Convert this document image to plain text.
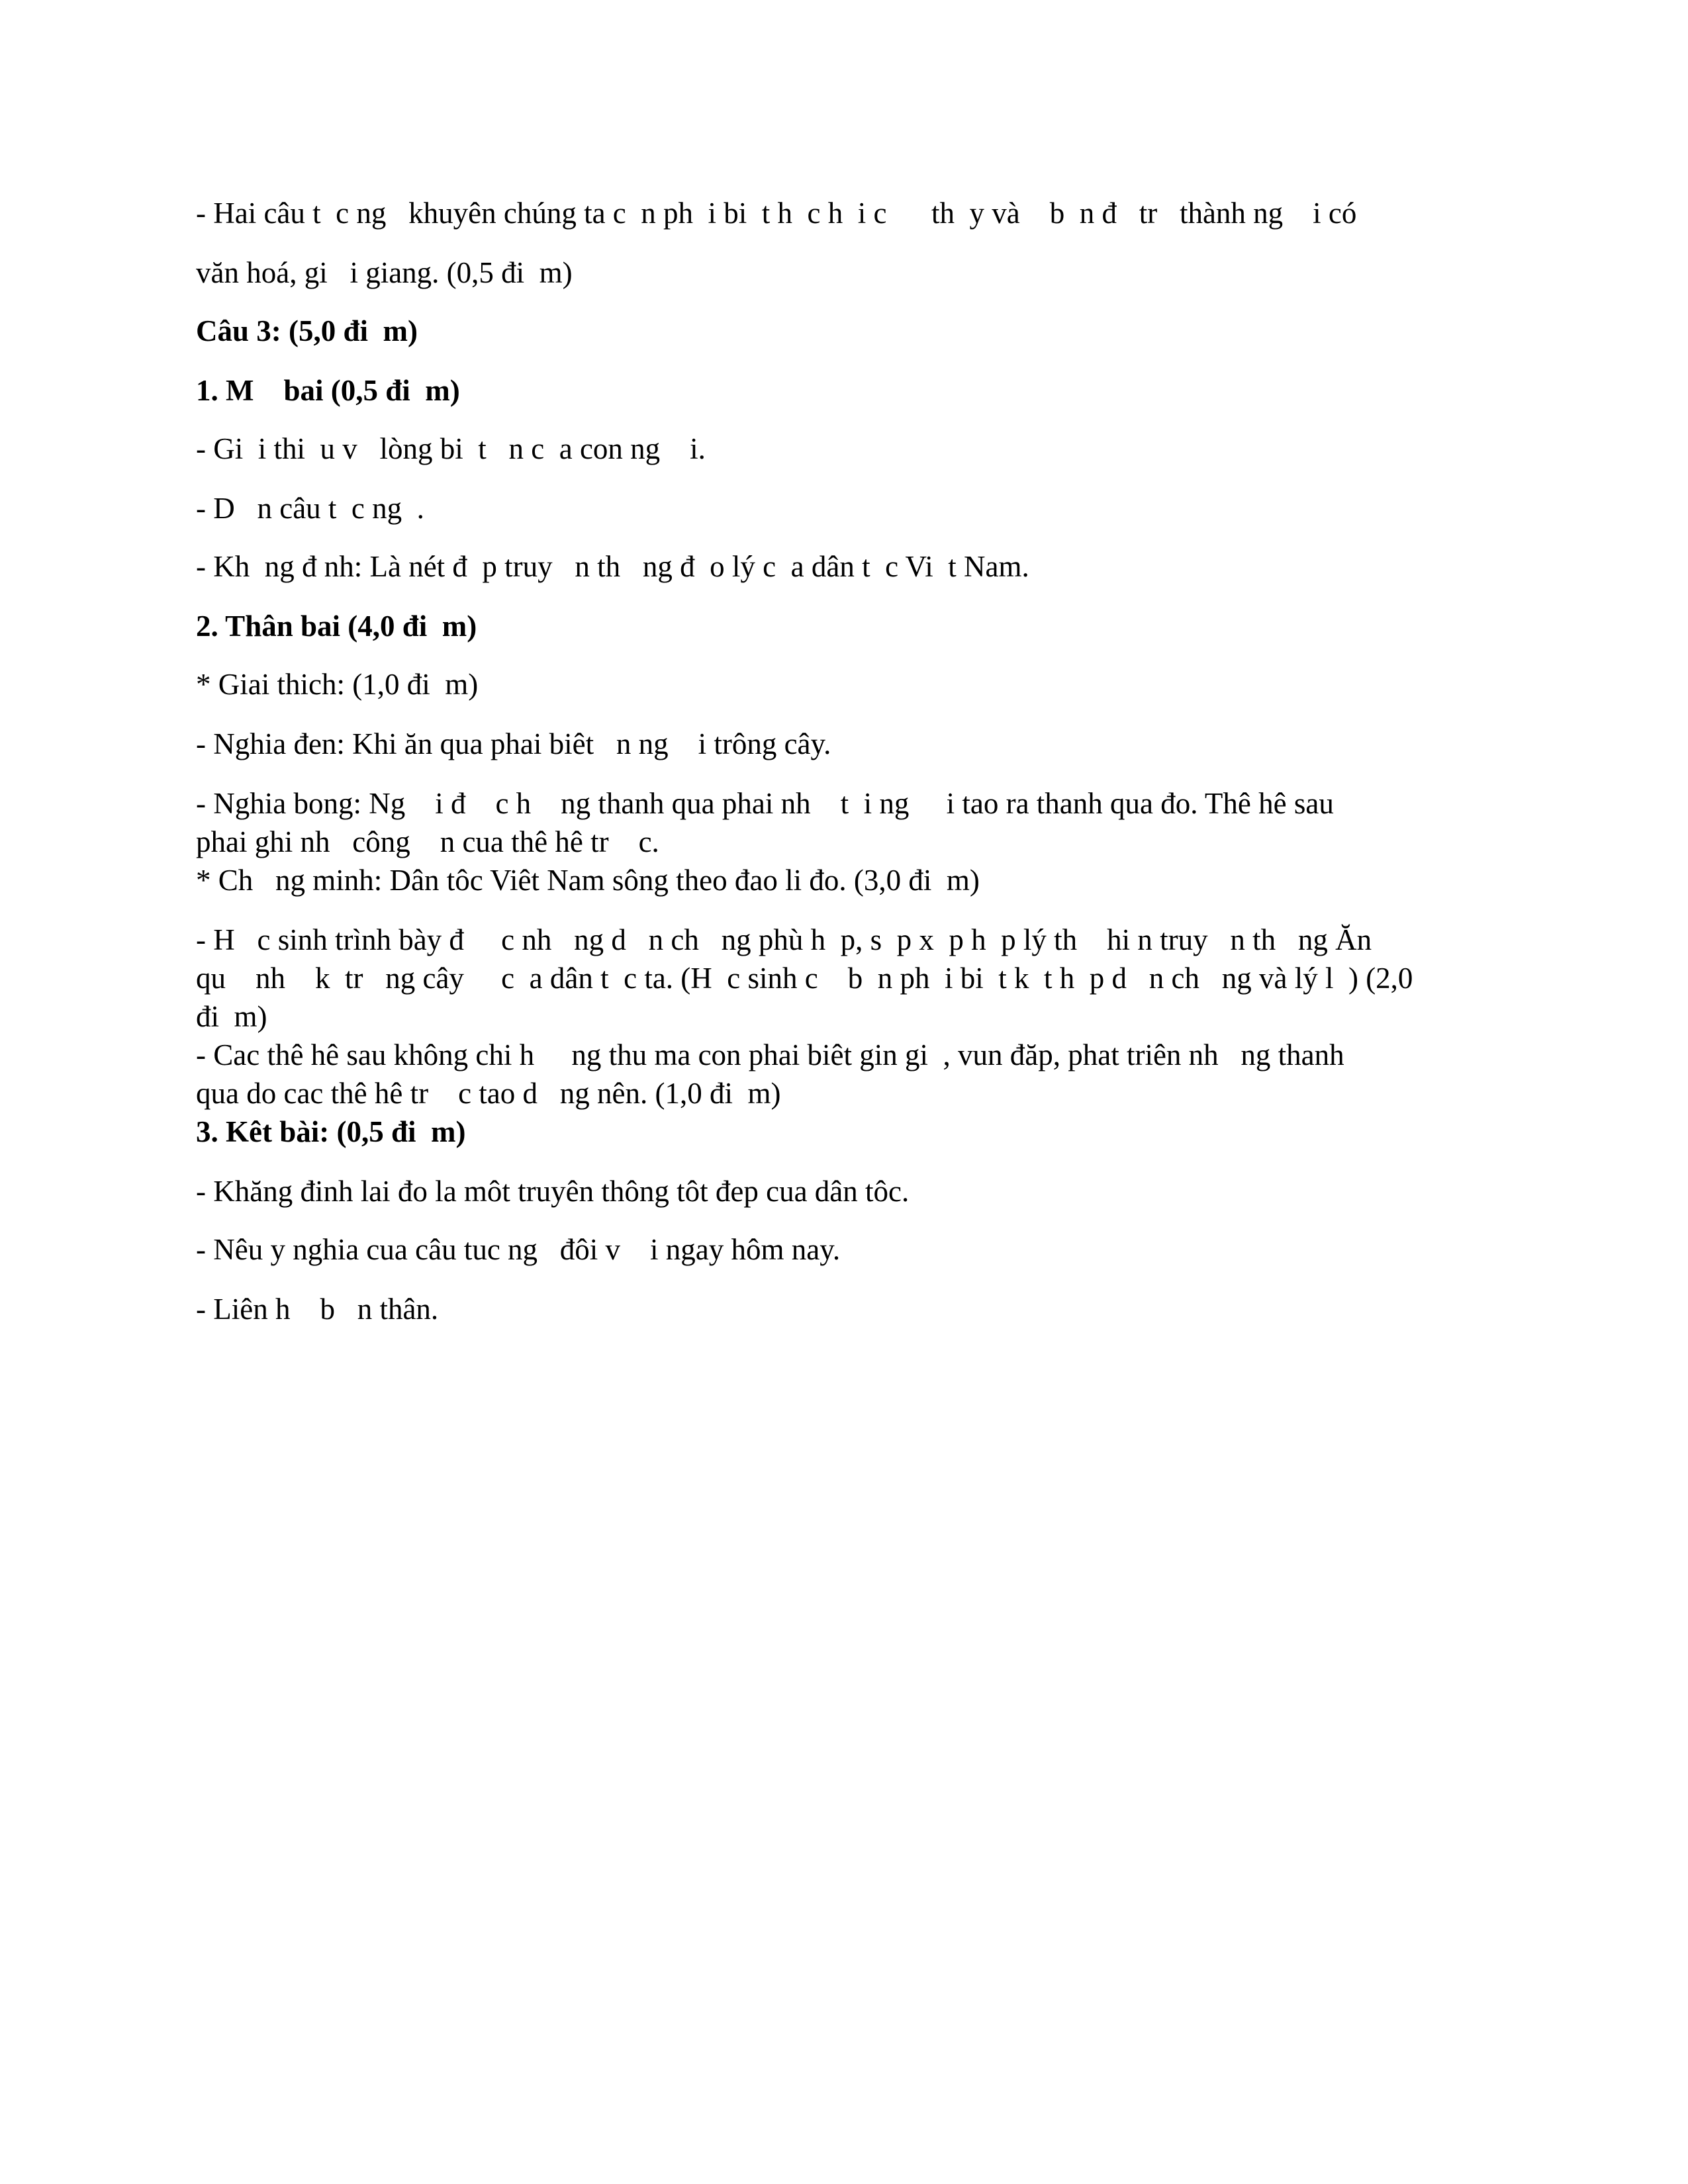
- Hai câu t  c ng   khuyên chúng ta c  n ph  i bi  t h  c h  i c      th  y và    b  n đ   tr   thành ng    i có

văn hoá, gi   i giang. (0,5 đi  m)

Câu 3: (5,0 đi  m)

1. M    bai (0,5 đi  m)

- Gi  i thi  u v   lòng bi  t   n c  a con ng    i.

- D   n câu t  c ng  .

- Kh  ng đ nh: Là nét đ  p truy   n th   ng đ  o lý c  a dân t  c Vi  t Nam.

2. Thân bai (4,0 đi  m)

* Giai thich: (1,0 đi  m)

- Nghia đen: Khi ăn qua phai biêt   n ng    i trông cây.

- Nghia bong: Ng    i đ    c h    ng thanh qua phai nh    t  i ng     i tao ra thanh qua đo. Thê hê sau

phai ghi nh   công    n cua thê hê tr    c.

* Ch   ng minh: Dân tôc Viêt Nam sông theo đao li đo. (3,0 đi  m)

- H   c sinh trình bày đ     c nh   ng d   n ch   ng phù h  p, s  p x  p h  p lý th    hi n truy   n th   ng Ăn

qu    nh    k  tr   ng cây     c  a dân t  c ta. (H  c sinh c    b  n ph  i bi  t k  t h  p d   n ch   ng và lý l  ) (2,0

đi  m)

- Cac thê hê sau không chi h     ng thu ma con phai biêt gin gi  , vun đăp, phat triên nh   ng thanh

qua do cac thê hê tr    c tao d   ng nên. (1,0 đi  m)

3. Kêt bài: (0,5 đi  m)

- Khăng đinh lai đo la môt truyên thông tôt đep cua dân tôc.

- Nêu y nghia cua câu tuc ng   đôi v    i ngay hôm nay.

- Liên h    b   n thân.
